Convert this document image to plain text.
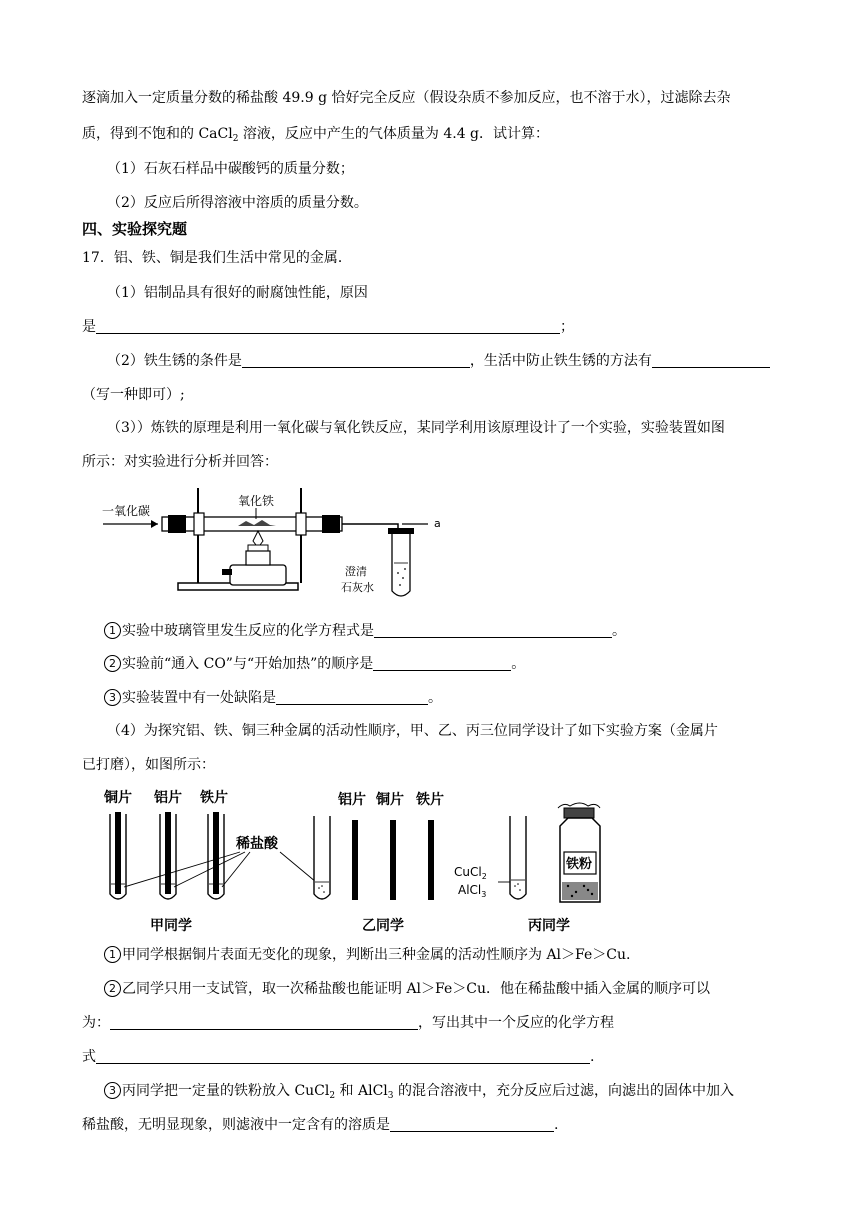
逐滴加入一定质量分数的稀盐酸 49.9 g 恰好完全反应（假设杂质不参加反应，也不溶于水），过滤除去杂
质，得到不饱和的 CaCl$_2$ 溶液，反应中产生的气体质量为 4.4 g．试计算：
（1）石灰石样品中碳酸钙的质量分数；
（2）反应后所得溶液中溶质的质量分数。
四、实验探究题
17．铝、铁、铜是我们生活中常见的金属．
（1）铝制品具有很好的耐腐蚀性能，原因
是	；
（2）铁生锈的条件是	，生活中防止铁生锈的方法有
（写一种即可）;
（3））炼铁的原理是利用一氧化碳与氧化铁反应，某同学利用该原理设计了一个实验，实验装置如图
所示：对实验进行分析并回答：
一氧化碳
氧化铁
a
澄清
石灰水
1 实验中玻璃管里发生反应的化学方程式是	。
2 实验前“通入 CO”与“开始加热”的顺序是	。
3 实验装置中有一处缺陷是	。
（4）为探究铝、铁、铜三种金属的活动性顺序，甲、乙、丙三位同学设计了如下实验方案（金属片
已打磨），如图所示：
铜片 铝片 铁片
稀盐酸
铝片 铜片 铁片
CuCl$_2$
AlCl$_3$
铁粉
甲同学	乙同学	丙同学
1 甲同学根据铜片表面无变化的现象，判断出三种金属的活动性顺序为 Al＞Fe＞Cu.
2 乙同学只用一支试管，取一次稀盐酸也能证明 Al＞Fe＞Cu．他在稀盐酸中插入金属的顺序可以
为：	，写出其中一个反应的化学方程
式	.
3 丙同学把一定量的铁粉放入 CuCl$_2$ 和 AlCl$_3$ 的混合溶液中，充分反应后过滤，向滤出的固体中加入
稀盐酸，无明显现象，则滤液中一定含有的溶质是	.
